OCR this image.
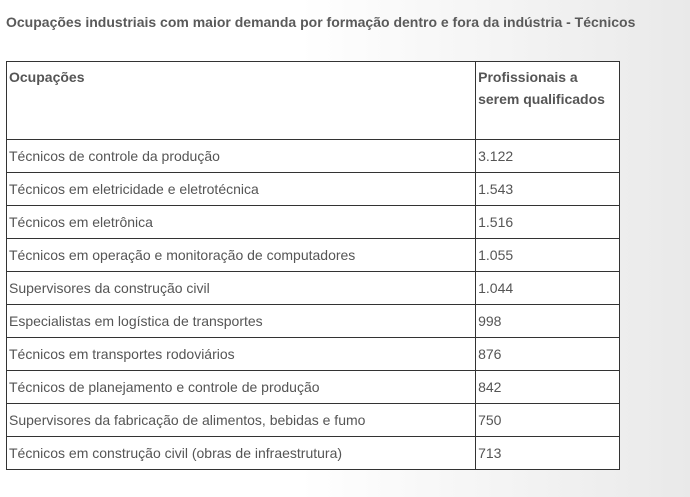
Ocupações industriais com maior demanda por formação dentro e fora da indústria - Técnicos
Ocupações	Profissionais a serem qualificados
Técnicos de controle da produção	3.122
Técnicos em eletricidade e eletrotécnica	1.543
Técnicos em eletrônica	1.516
Técnicos em operação e monitoração de computadores	1.055
Supervisores da construção civil	1.044
Especialistas em logística de transportes	998
Técnicos em transportes rodoviários	876
Técnicos de planejamento e controle de produção	842
Supervisores da fabricação de alimentos, bebidas e fumo	750
Técnicos em construção civil (obras de infraestrutura)	713
